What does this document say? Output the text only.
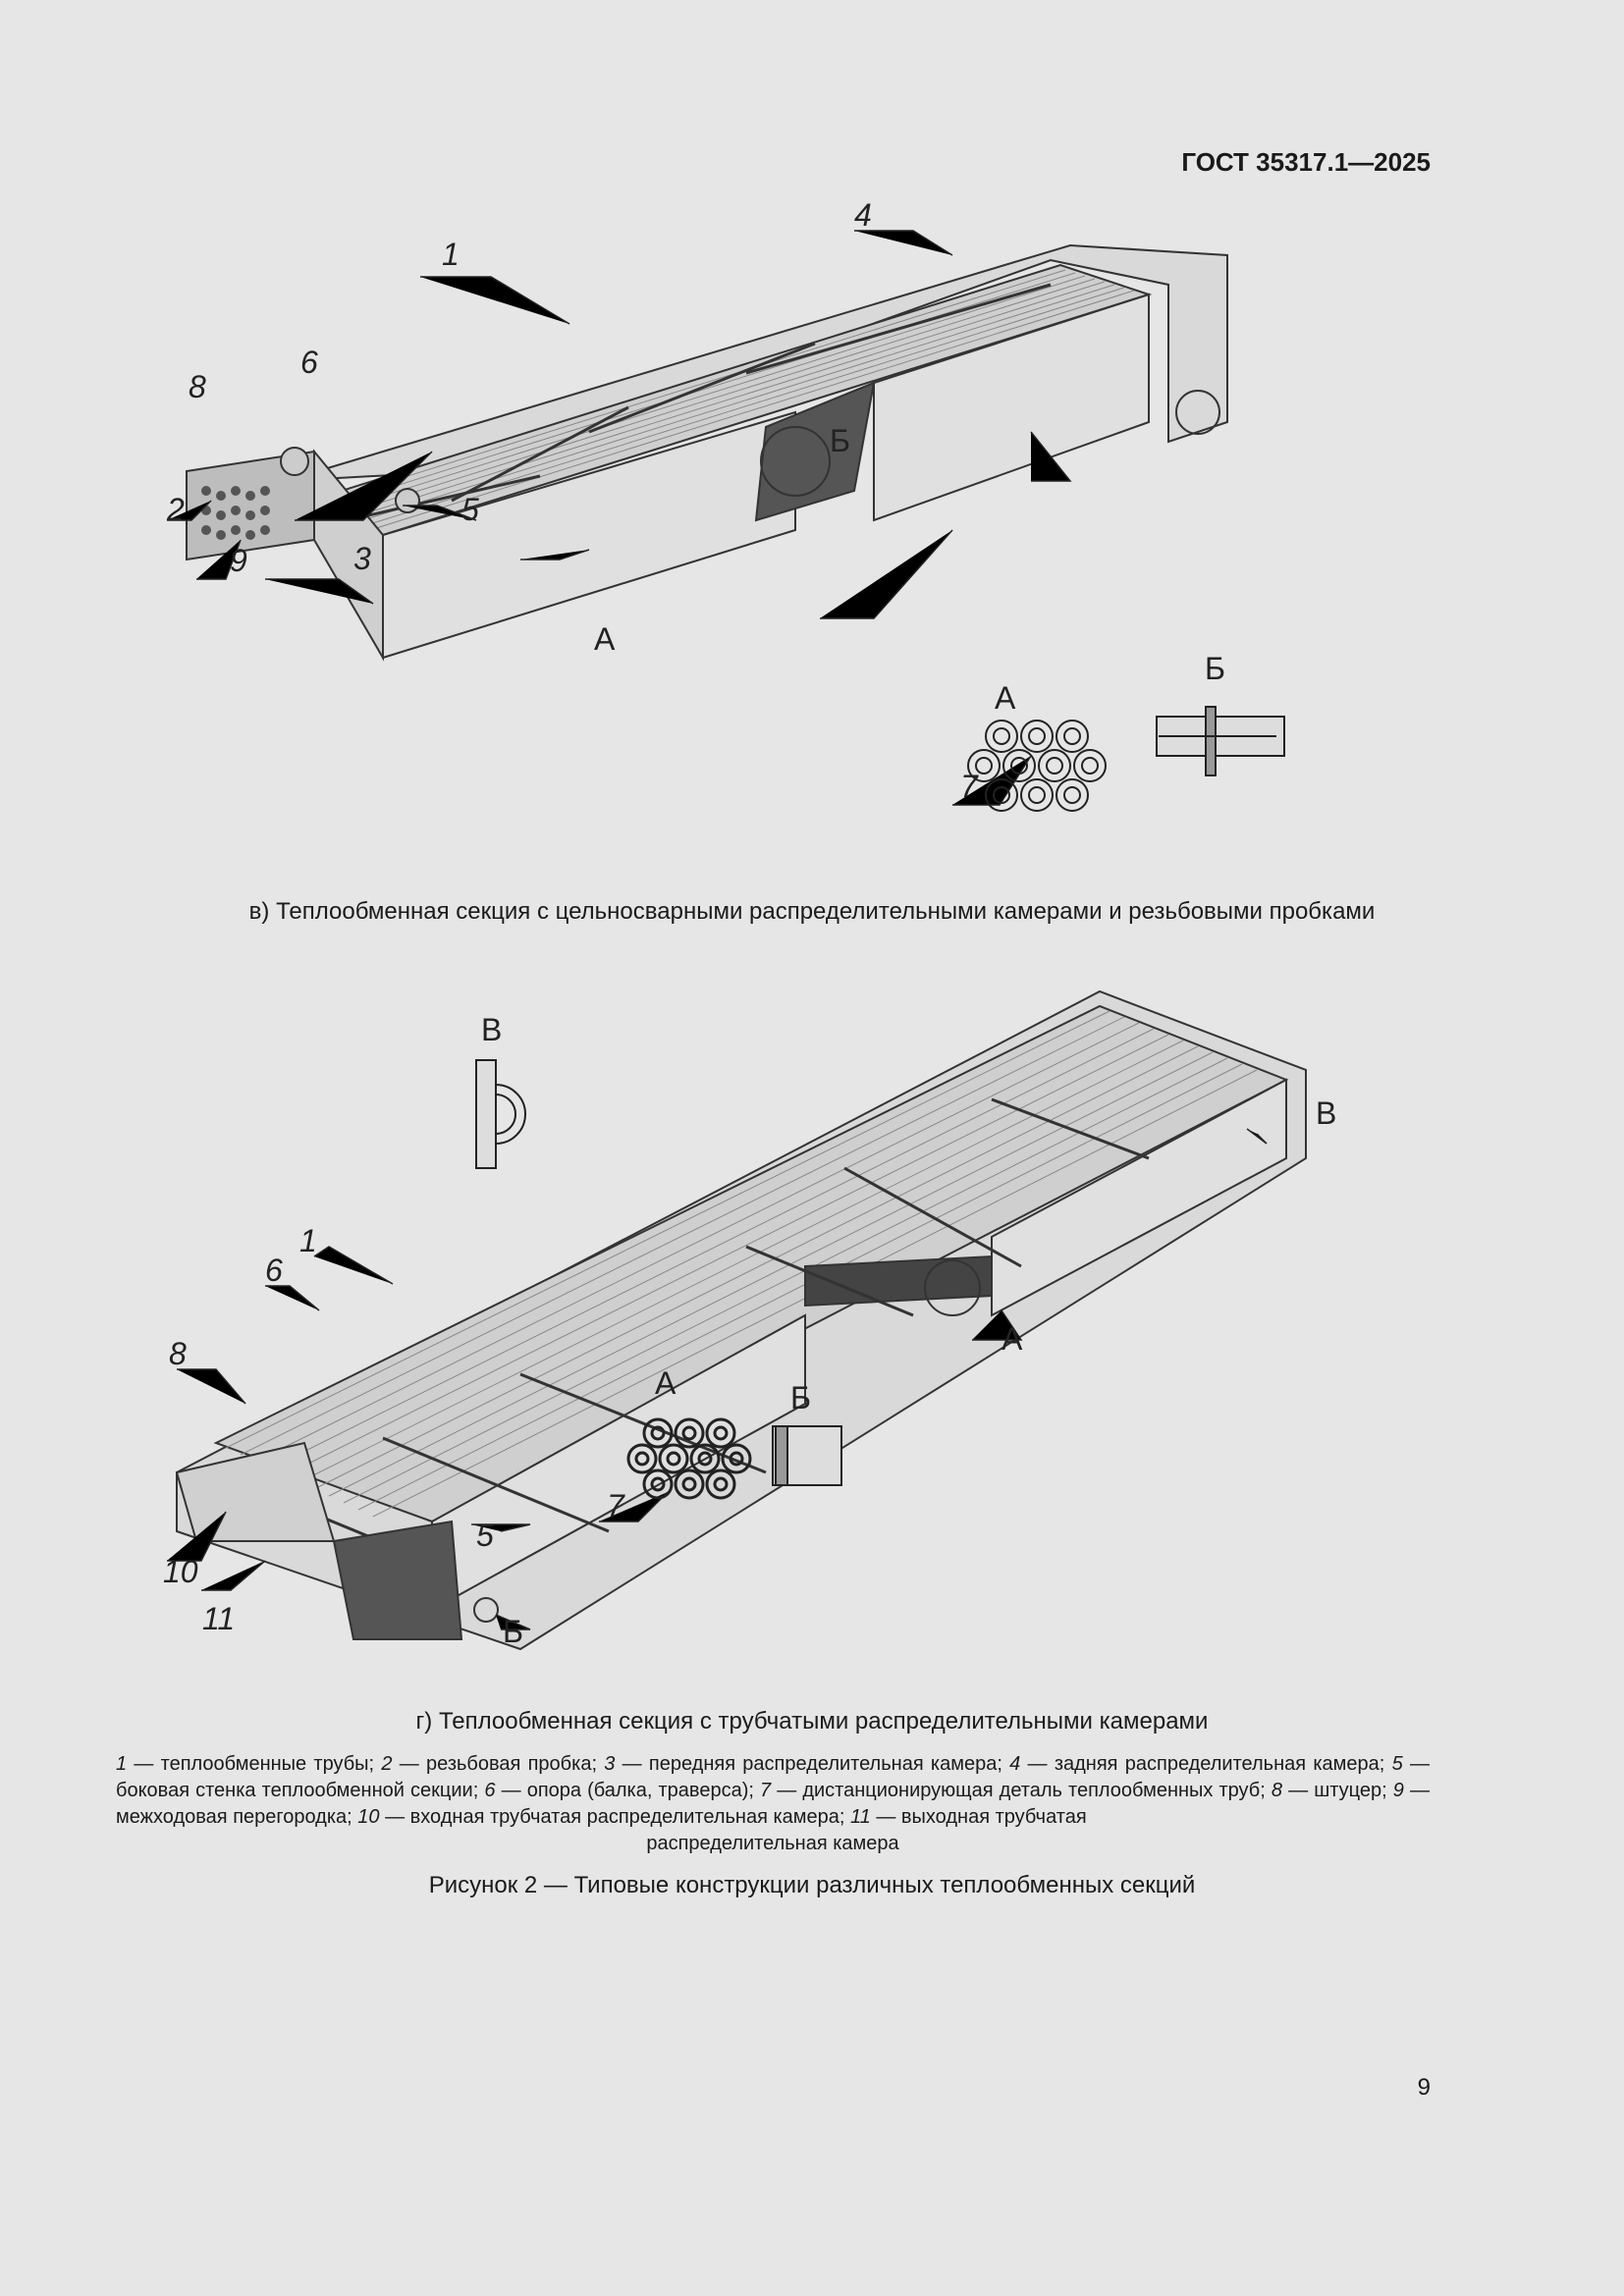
ГОСТ 35317.1—2025
1
2
3
4
5
6
7
8
9
А
Б
А
Б
в) Теплообменная секция с цельносварными распределительными камерами и резьбовыми пробками
1
5
6
7
8
10
11
А
Б
В
В
А	Б
г) Теплообменная секция с трубчатыми распределительными камерами
1 — теплообменные трубы; 2 — резьбовая пробка; 3 — передняя распределительная камера; 4 — задняя распределительная камера; 5 — боковая стенка теплообменной секции; 6 — опора (балка, траверса); 7 — дистанционирующая деталь теплообменных труб; 8 — штуцер; 9 — межходовая перегородка; 10 — входная трубчатая распределительная камера; 11 — выходная трубчатая
распределительная камера
Рисунок 2 — Типовые конструкции различных теплообменных секций
9
